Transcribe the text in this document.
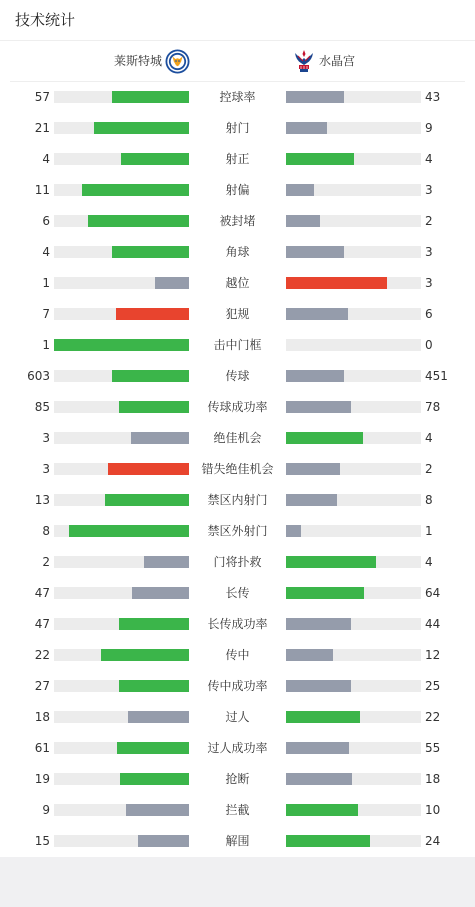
技术统计
莱斯特城	水晶宫
57	控球率	43
21	射门	9
4	射正	4
11	射偏	3
6	被封堵	2
4	角球	3
1	越位	3
7	犯规	6
1	击中门框	0
603	传球	451
85	传球成功率	78
3	绝佳机会	4
3	错失绝佳机会	2
13	禁区内射门	8
8	禁区外射门	1
2	门将扑救	4
47	长传	64
47	长传成功率	44
22	传中	12
27	传中成功率	25
18	过人	22
61	过人成功率	55
19	抢断	18
9	拦截	10
15	解围	24
